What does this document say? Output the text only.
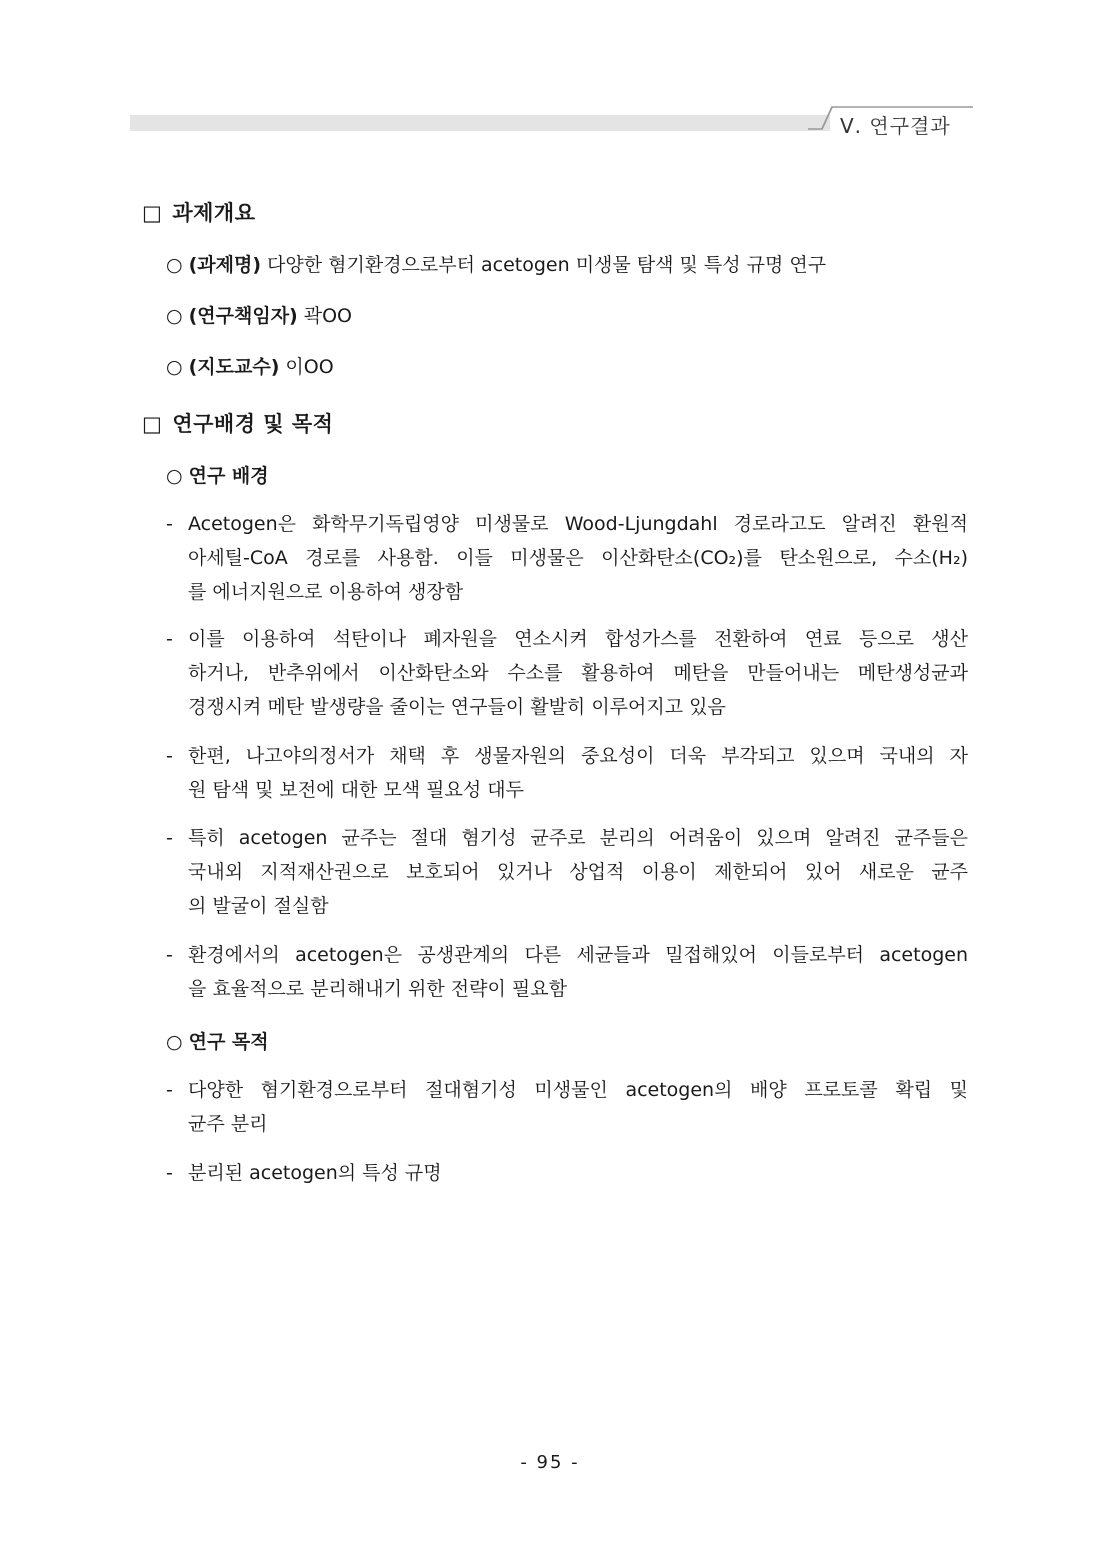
Ⅴ. 연구결과
□ 과제개요
○ (과제명) 다양한 혐기환경으로부터 acetogen 미생물 탐색 및 특성 규명 연구
○ (연구책임자) 곽OO
○ (지도교수) 이OO
□ 연구배경 및 목적
○ 연구 배경
- Acetogen은 화학무기독립영양 미생물로 Wood-Ljungdahl 경로라고도 알려진 환원적
아세틸-CoA 경로를 사용함. 이들 미생물은 이산화탄소(CO₂)를 탄소원으로, 수소(H₂)
를 에너지원으로 이용하여 생장함
- 이를 이용하여 석탄이나 폐자원을 연소시켜 합성가스를 전환하여 연료 등으로 생산
하거나, 반추위에서 이산화탄소와 수소를 활용하여 메탄을 만들어내는 메탄생성균과
경쟁시켜 메탄 발생량을 줄이는 연구들이 활발히 이루어지고 있음
- 한편, 나고야의정서가 채택 후 생물자원의 중요성이 더욱 부각되고 있으며 국내의 자
원 탐색 및 보전에 대한 모색 필요성 대두
- 특히 acetogen 균주는 절대 혐기성 균주로 분리의 어려움이 있으며 알려진 균주들은
국내외 지적재산권으로 보호되어 있거나 상업적 이용이 제한되어 있어 새로운 균주
의 발굴이 절실함
- 환경에서의 acetogen은 공생관계의 다른 세균들과 밀접해있어 이들로부터 acetogen
을 효율적으로 분리해내기 위한 전략이 필요함
○ 연구 목적
- 다양한 혐기환경으로부터 절대혐기성 미생물인 acetogen의 배양 프로토콜 확립 및
균주 분리
- 분리된 acetogen의 특성 규명
- 95 -
